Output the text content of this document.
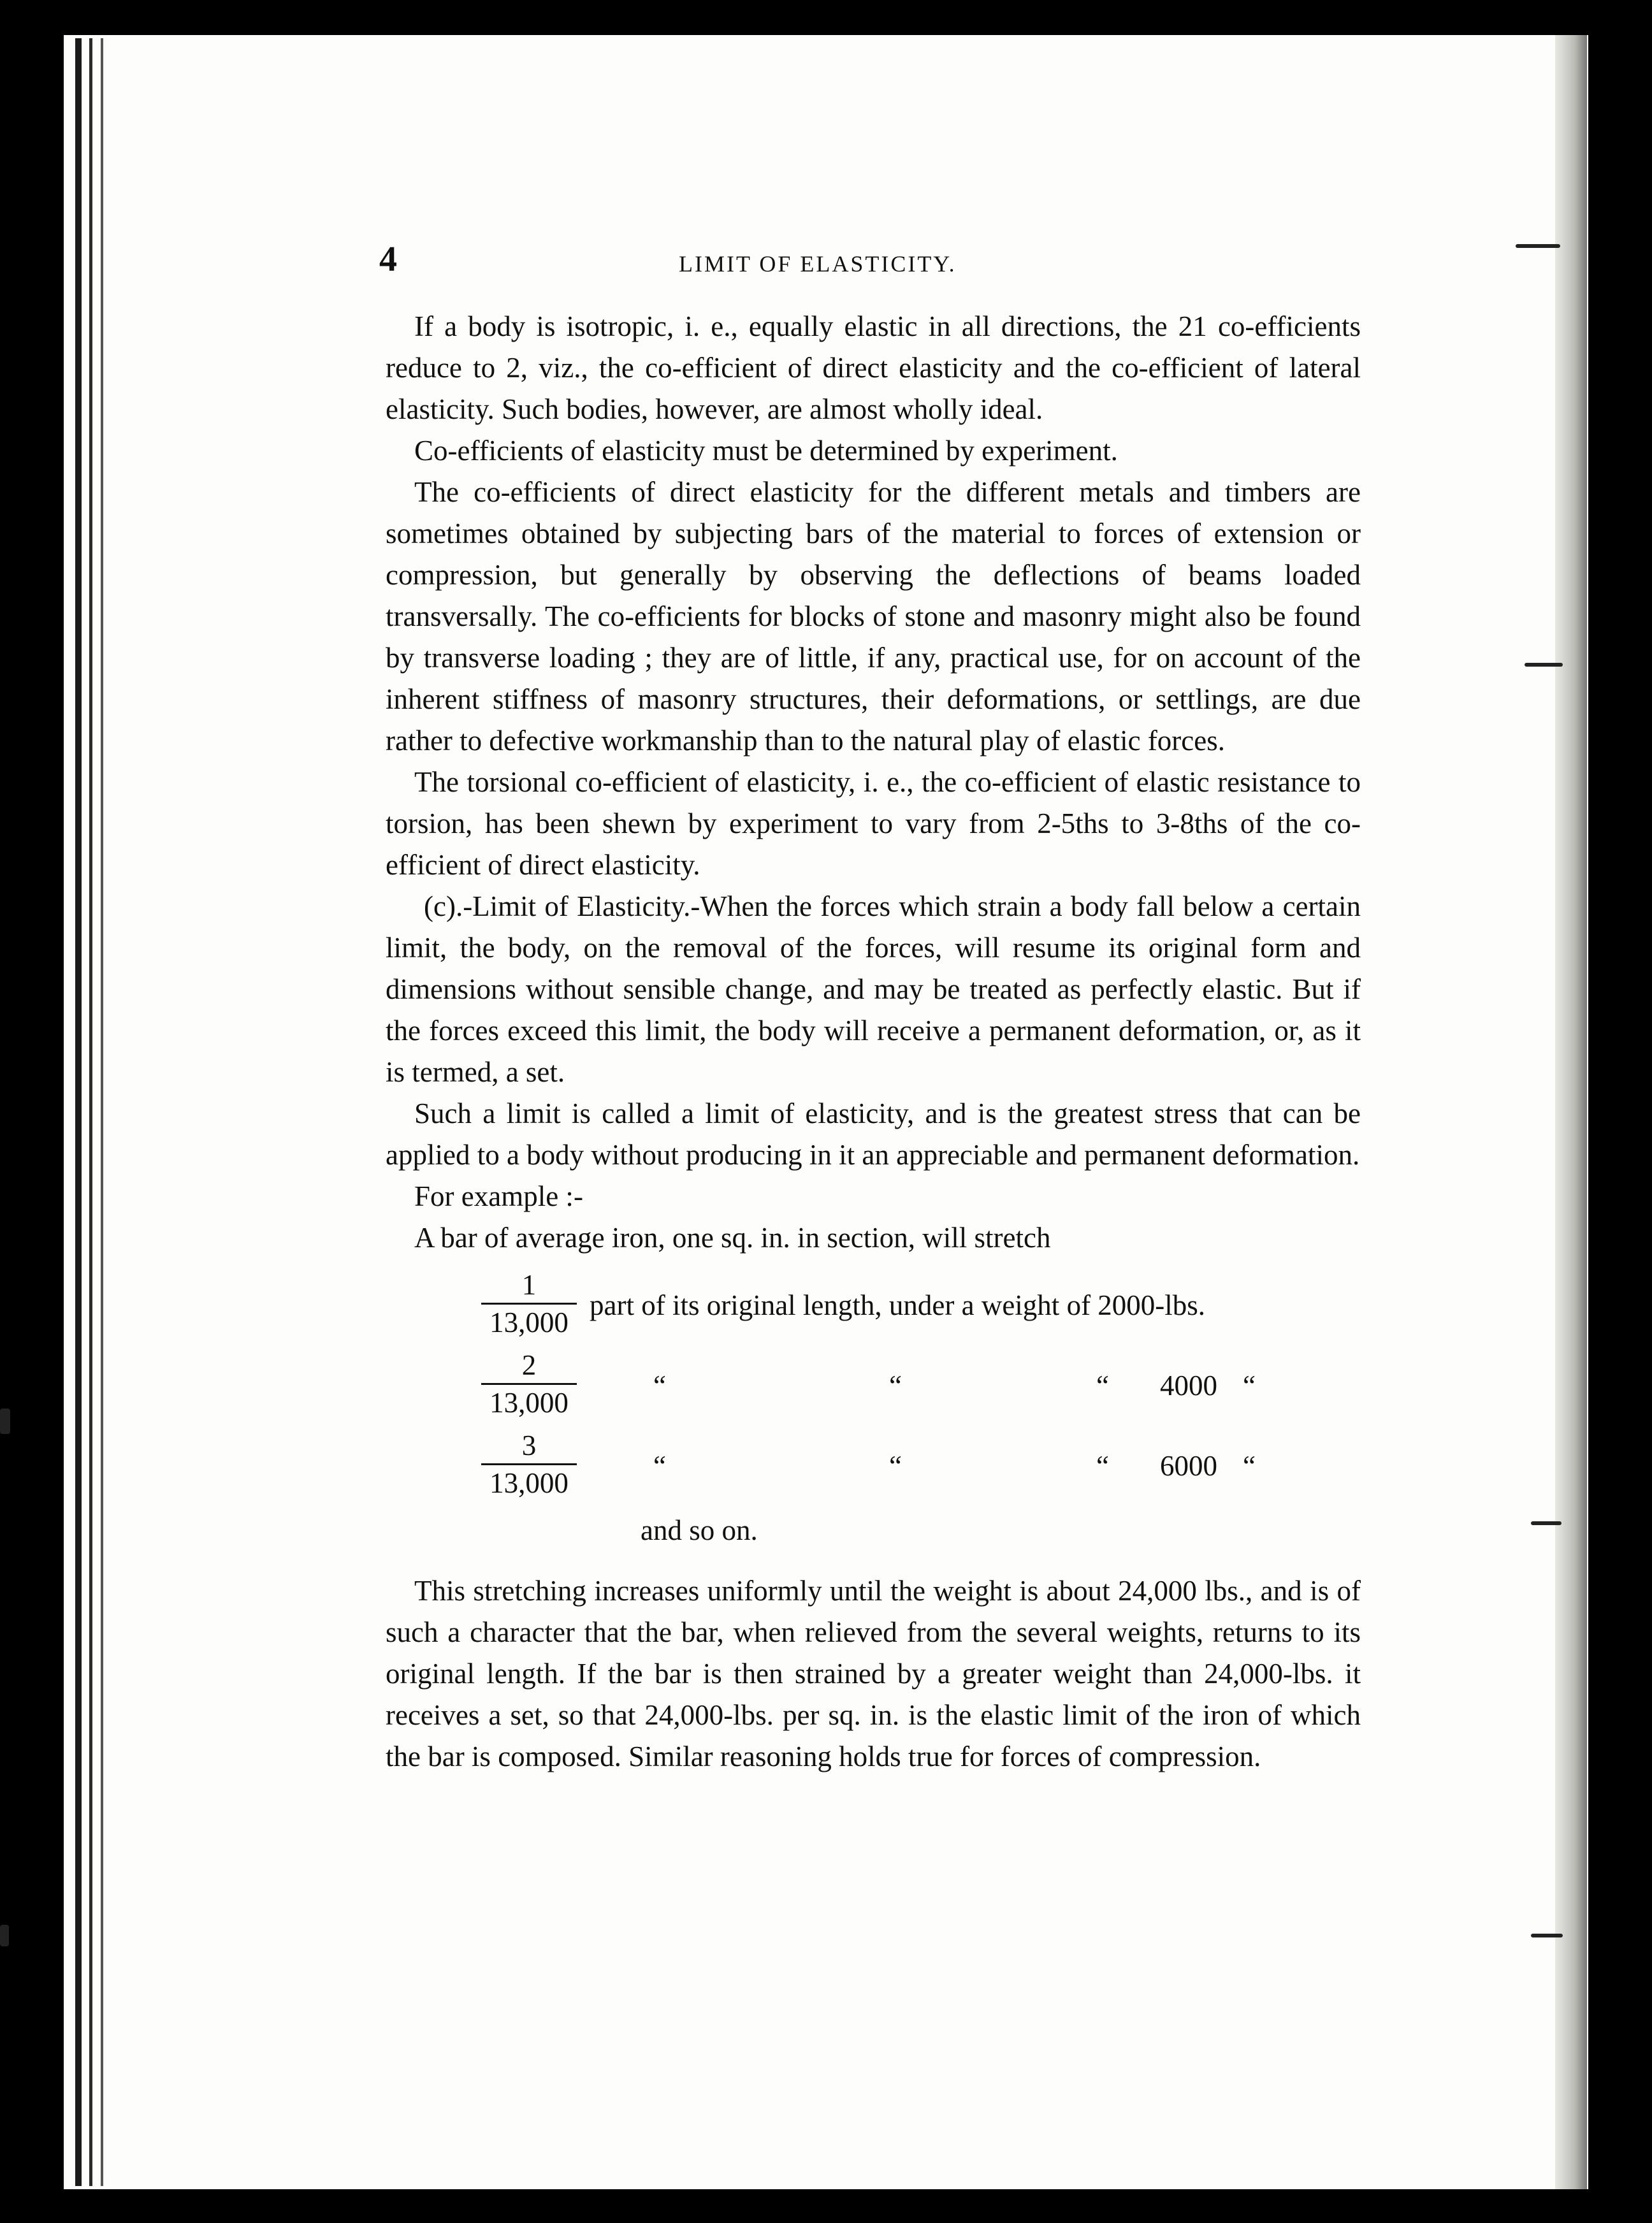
4	LIMIT OF ELASTICITY.

If a body is isotropic, i. e., equally elastic in all directions, the 21 co-efficients reduce to 2, viz., the co-efficient of direct elasticity and the co-efficient of lateral elasticity. Such bodies, however, are almost wholly ideal.

Co-efficients of elasticity must be determined by experiment.

The co-efficients of direct elasticity for the different metals and timbers are sometimes obtained by subjecting bars of the material to forces of extension or compression, but generally by observing the deflections of beams loaded transversally. The co-efficients for blocks of stone and masonry might also be found by transverse loading ; they are of little, if any, practical use, for on account of the inherent stiffness of masonry structures, their deformations, or settlings, are due rather to defective workmanship than to the natural play of elastic forces.

The torsional co-efficient of elasticity, i. e., the co-efficient of elastic resistance to torsion, has been shewn by experiment to vary from 2-5ths to 3-8ths of the co-efficient of direct elasticity.

(c).-Limit of Elasticity.-When the forces which strain a body fall below a certain limit, the body, on the removal of the forces, will resume its original form and dimensions without sensible change, and may be treated as perfectly elastic. But if the forces exceed this limit, the body will receive a permanent deformation, or, as it is termed, a set.

Such a limit is called a limit of elasticity, and is the greatest stress that can be applied to a body without producing in it an appreciable and permanent deformation.

For example :-

A bar of average iron, one sq. in. in section, will stretch

$\frac{1}{13,000}$	part of its original length, under a weight of 2000-lbs.

$\frac{2}{13,000}$	“ “ “ 4000 “

$\frac{3}{13,000}$	“ “ “ 6000 “
and so on.

This stretching increases uniformly until the weight is about 24,000 lbs., and is of such a character that the bar, when relieved from the several weights, returns to its original length. If the bar is then strained by a greater weight than 24,000-lbs. it receives a set, so that 24,000-lbs. per sq. in. is the elastic limit of the iron of which the bar is composed. Similar reasoning holds true for forces of compression.
